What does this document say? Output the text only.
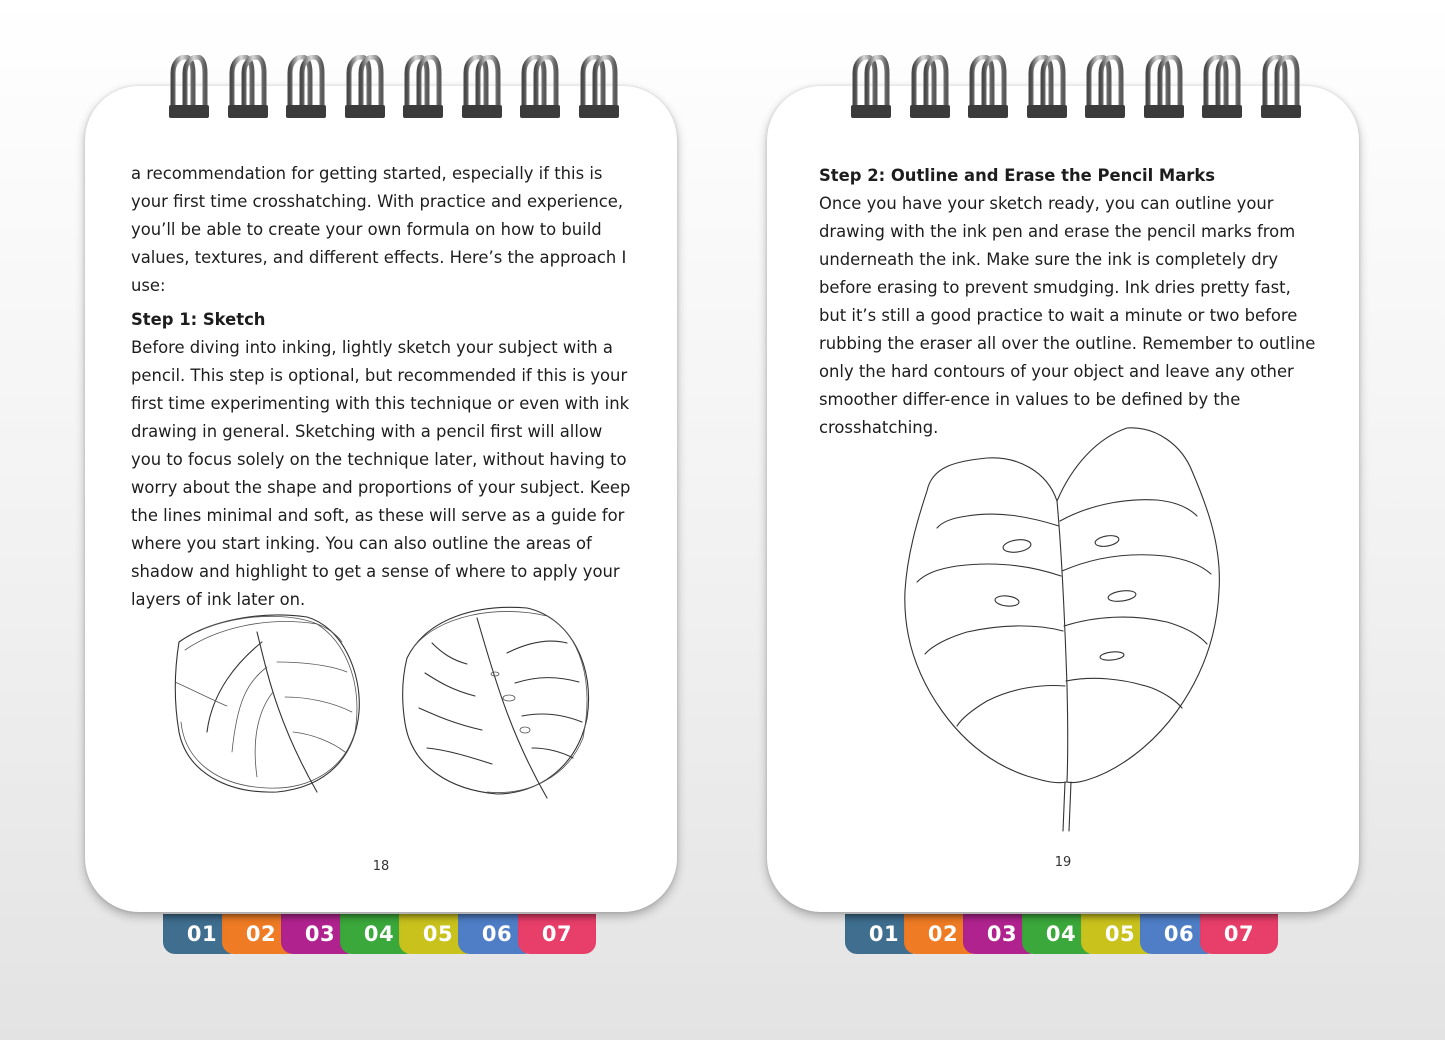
01	02	03	04	05	06	07

a recommendation for getting started, especially if this is your first time crosshatching. With practice and experience, you’ll be able to create your own formula on how to build values, textures, and different effects. Here’s the approach I use:

Step 1: Sketch

Before diving into inking, lightly sketch your subject with a pencil. This step is optional, but recommended if this is your first time experimenting with this technique or even with ink drawing in general. Sketching with a pencil first will allow you to focus solely on the technique later, without having to worry about the shape and proportions of your subject. Keep the lines minimal and soft, as these will serve as a guide for where you start inking. You can also outline the areas of shadow and highlight to get a sense of where to apply your layers of ink later on.

18
01	02	03	04	05	06	07

Step 2: Outline and Erase the Pencil Marks

Once you have your sketch ready, you can outline your drawing with the ink pen and erase the pencil marks from underneath the ink. Make sure the ink is completely dry before erasing to prevent smudging. Ink dries pretty fast, but it’s still a good practice to wait a minute or two before rubbing the eraser all over the outline. Remember to outline only the hard contours of your object and leave any other smoother differ-ence in values to be defined by the crosshatching.

19
